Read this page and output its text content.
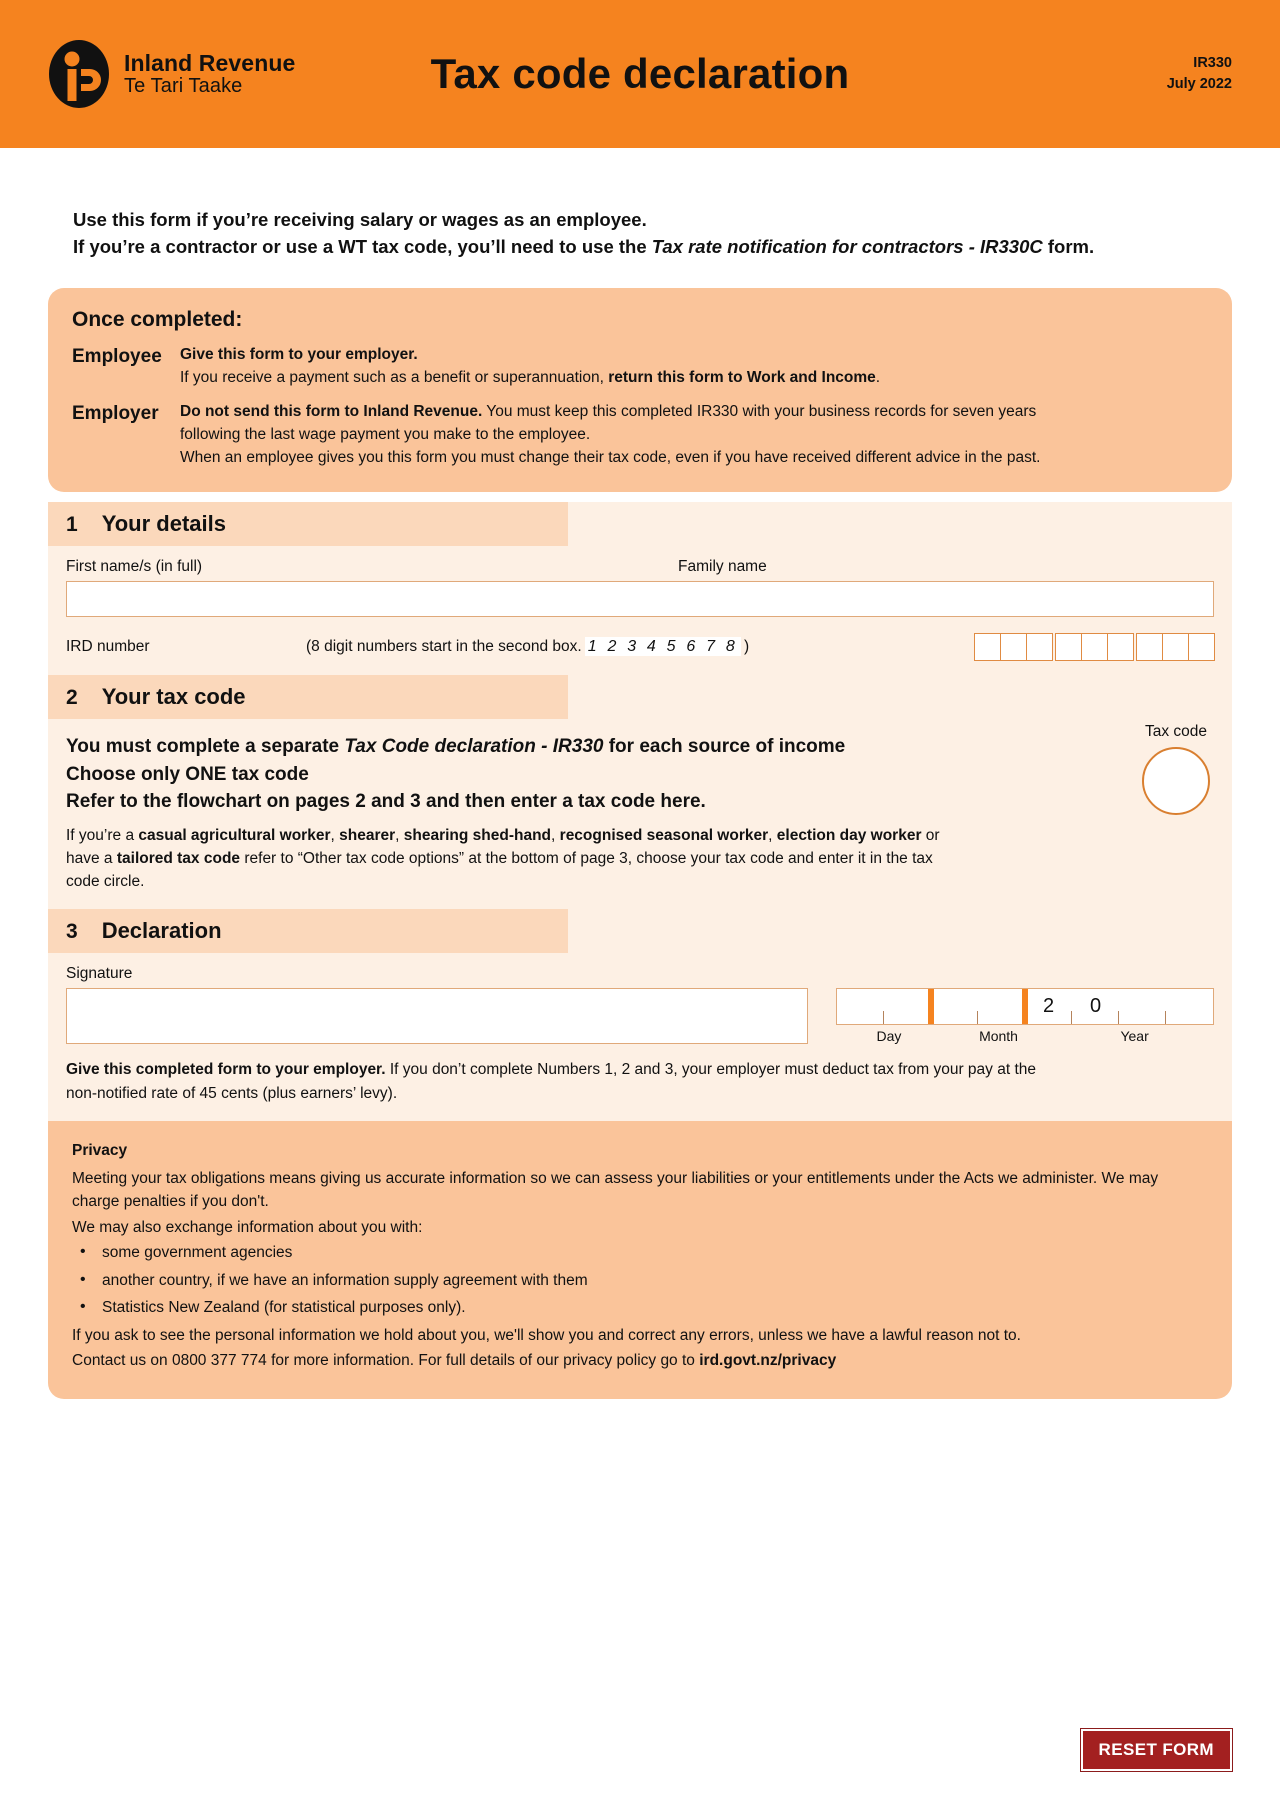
Inland Revenue
Te Tari Taake	Tax code declaration	IR330
July 2022
Use this form if you’re receiving salary or wages as an employee.
If you’re a contractor or use a WT tax code, you’ll need to use the Tax rate notification for contractors - IR330C form.
Once completed:
Employee	Give this form to your employer.
If you receive a payment such as a benefit or superannuation, return this form to Work and Income.
Employer	Do not send this form to Inland Revenue. You must keep this completed IR330 with your business records for seven years
following the last wage payment you make to the employee.
When an employee gives you this form you must change their tax code, even if you have received different advice in the past.
1 Your details
First name/s (in full)	Family name
IRD number	(8 digit numbers start in the second box. 1 2 3 4 5 6 7 8 )
2 Your tax code
You must complete a separate Tax Code declaration - IR330 for each source of income
Choose only ONE tax code
Refer to the flowchart on pages 2 and 3 and then enter a tax code here.
If you’re a casual agricultural worker, shearer, shearing shed-hand, recognised seasonal worker, election day worker or have a tailored tax code refer to “Other tax code options” at the bottom of page 3, choose your tax code and enter it in the tax code circle.
Tax code
3 Declaration
Signature
2	0
Day	Month	Year
Give this completed form to your employer. If you don’t complete Numbers 1, 2 and 3, your employer must deduct tax from your pay at the non-notified rate of 45 cents (plus earners’ levy).
Privacy

Meeting your tax obligations means giving us accurate information so we can assess your liabilities or your entitlements under the Acts we administer. We may charge penalties if you don't.

We may also exchange information about you with:

• some government agencies
• another country, if we have an information supply agreement with them
• Statistics New Zealand (for statistical purposes only).

If you ask to see the personal information we hold about you, we'll show you and correct any errors, unless we have a lawful reason not to.

Contact us on 0800 377 774 for more information. For full details of our privacy policy go to ird.govt.nz/privacy

RESET FORM
